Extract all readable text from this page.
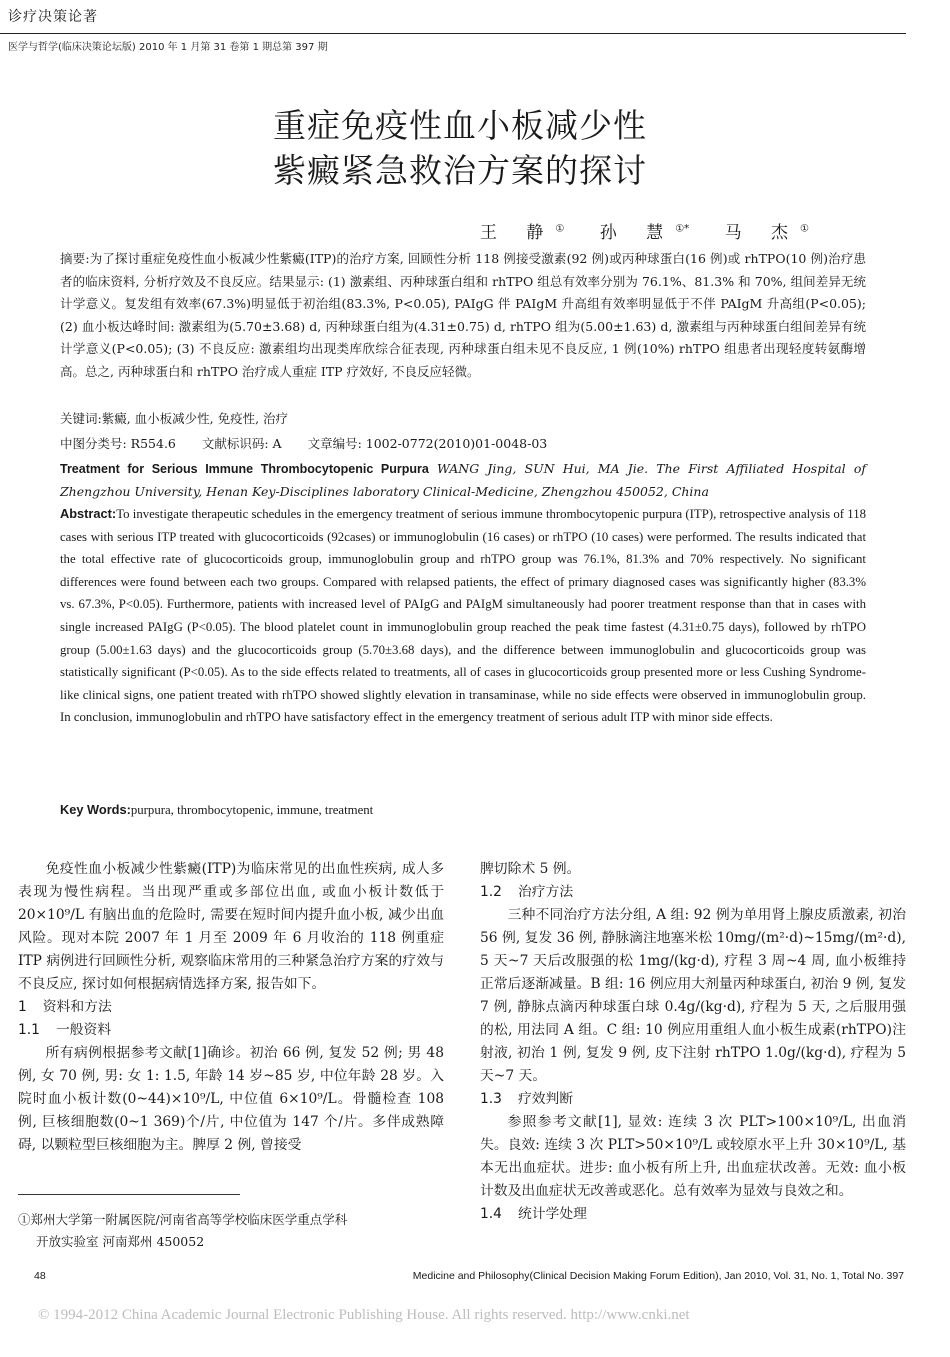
诊疗决策论著
医学与哲学(临床决策论坛版) 2010 年 1 月第 31 卷第 1 期总第 397 期
重症免疫性血小板减少性
紫癜紧急救治方案的探讨
王 静① 孙 慧①* 马 杰①
摘要:为了探讨重症免疫性血小板减少性紫癜(ITP)的治疗方案, 回顾性分析 118 例接受激素(92 例)或丙种球蛋白(16 例)或 rhTPO(10 例)治疗患者的临床资料, 分析疗效及不良反应。结果显示: (1) 激素组、丙种球蛋白组和 rhTPO 组总有效率分别为 76.1%、81.3% 和 70%, 组间差异无统计学意义。复发组有效率(67.3%)明显低于初治组(83.3%, P<0.05), PAIgG 伴 PAIgM 升高组有效率明显低于不伴 PAIgM 升高组(P<0.05); (2) 血小板达峰时间: 激素组为(5.70±3.68) d, 丙种球蛋白组为(4.31±0.75) d, rhTPO 组为(5.00±1.63) d, 激素组与丙种球蛋白组间差异有统计学意义(P<0.05); (3) 不良反应: 激素组均出现类库欣综合征表现, 丙种球蛋白组未见不良反应, 1 例(10%) rhTPO 组患者出现轻度转氨酶增高。总之, 丙种球蛋白和 rhTPO 治疗成人重症 ITP 疗效好, 不良反应轻微。
关键词:紫癜, 血小板减少性, 免疫性, 治疗
中图分类号: R554.6 文献标识码: A 文章编号: 1002-0772(2010)01-0048-03
Treatment for Serious Immune Thrombocytopenic Purpura WANG Jing, SUN Hui, MA Jie. The First Affiliated Hospital of Zhengzhou University, Henan Key-Disciplines laboratory Clinical-Medicine, Zhengzhou 450052, China
Abstract:To investigate therapeutic schedules in the emergency treatment of serious immune thrombocytopenic purpura (ITP), retrospective analysis of 118 cases with serious ITP treated with glucocorticoids (92cases) or immunoglobulin (16 cases) or rhTPO (10 cases) were performed. The results indicated that the total effective rate of glucocorticoids group, immunoglobulin group and rhTPO group was 76.1%, 81.3% and 70% respectively. No significant differences were found between each two groups. Compared with relapsed patients, the effect of primary diagnosed cases was significantly higher (83.3% vs. 67.3%, P<0.05). Furthermore, patients with increased level of PAIgG and PAIgM simultaneously had poorer treatment response than that in cases with single increased PAIgG (P<0.05). The blood platelet count in immunoglobulin group reached the peak time fastest (4.31±0.75 days), followed by rhTPO group (5.00±1.63 days) and the glucocorticoids group (5.70±3.68 days), and the difference between immunoglobulin and glucocorticoids group was statistically significant (P<0.05). As to the side effects related to treatments, all of cases in glucocorticoids group presented more or less Cushing Syndrome-like clinical signs, one patient treated with rhTPO showed slightly elevation in transaminase, while no side effects were observed in immunoglobulin group. In conclusion, immunoglobulin and rhTPO have satisfactory effect in the emergency treatment of serious adult ITP with minor side effects.
Key Words:purpura, thrombocytopenic, immune, treatment

免疫性血小板减少性紫癜(ITP)为临床常见的出血性疾病, 成人多表现为慢性病程。当出现严重或多部位出血, 或血小板计数低于 20×10⁹/L 有脑出血的危险时, 需要在短时间内提升血小板, 减少出血风险。现对本院 2007 年 1 月至 2009 年 6 月收治的 118 例重症 ITP 病例进行回顾性分析, 观察临床常用的三种紧急治疗方案的疗效与不良反应, 探讨如何根据病情选择方案, 报告如下。

1 资料和方法
1.1 一般资料

所有病例根据参考文献[1]确诊。初治 66 例, 复发 52 例; 男 48 例, 女 70 例, 男: 女 1: 1.5, 年龄 14 岁~85 岁, 中位年龄 28 岁。入院时血小板计数(0~44)×10⁹/L, 中位值 6×10⁹/L。骨髓检查 108 例, 巨核细胞数(0~1 369)个/片, 中位值为 147 个/片。多伴成熟障碍, 以颗粒型巨核细胞为主。脾厚 2 例, 曾接受

脾切除术 5 例。
1.2 治疗方法

三种不同治疗方法分组, A 组: 92 例为单用肾上腺皮质激素, 初治 56 例, 复发 36 例, 静脉滴注地塞米松 10mg/(m²·d)~15mg/(m²·d), 5 天~7 天后改服强的松 1mg/(kg·d), 疗程 3 周~4 周, 血小板维持正常后逐渐减量。B 组: 16 例应用大剂量丙种球蛋白, 初治 9 例, 复发 7 例, 静脉点滴丙种球蛋白球 0.4g/(kg·d), 疗程为 5 天, 之后服用强的松, 用法同 A 组。C 组: 10 例应用重组人血小板生成素(rhTPO)注射液, 初治 1 例, 复发 9 例, 皮下注射 rhTPO 1.0g/(kg·d), 疗程为 5 天~7 天。

1.3 疗效判断

参照参考文献[1], 显效: 连续 3 次 PLT>100×10⁹/L, 出血消失。良效: 连续 3 次 PLT>50×10⁹/L 或较原水平上升 30×10⁹/L, 基本无出血症状。进步: 血小板有所上升, 出血症状改善。无效: 血小板计数及出血症状无改善或恶化。总有效率为显效与良效之和。

1.4 统计学处理
①郑州大学第一附属医院/河南省高等学校临床医学重点学科
开放实验室 河南郑州 450052
48	Medicine and Philosophy(Clinical Decision Making Forum Edition), Jan 2010, Vol. 31, No. 1, Total No. 397
© 1994-2012 China Academic Journal Electronic Publishing House. All rights reserved. http://www.cnki.net
